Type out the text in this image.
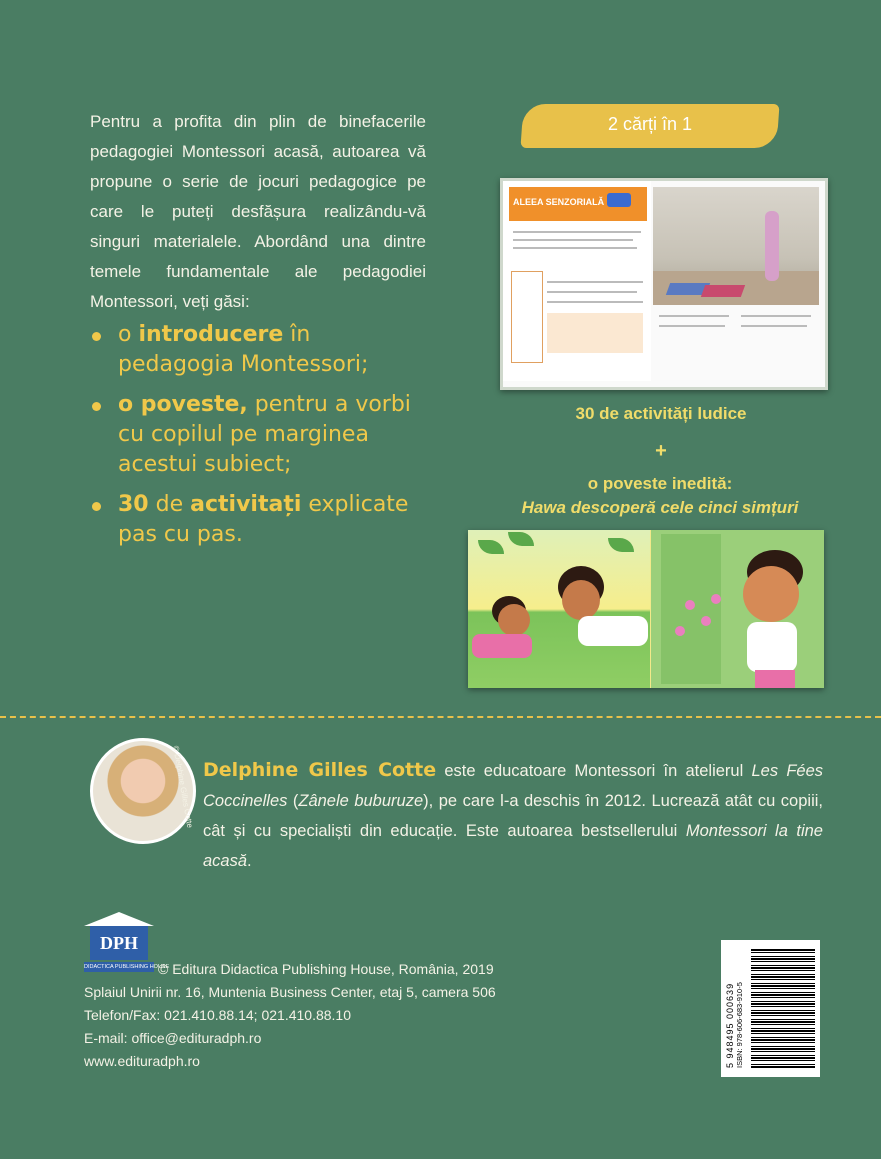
Pentru a profita din plin de binefacerile pedagogiei Montessori acasă, autoarea vă propune o serie de jocuri pedagogice pe care le puteți desfășura realizându-vă singuri materialele. Abordând una dintre temele fundamentale ale pedagodiei Montessori, veți găsi:
o introducere în pedagogia Montessori;
o poveste, pentru a vorbi cu copilul pe marginea acestui subiect;
30 de activitați explicate pas cu pas.
2 cărți în 1
ALEEA SENZORIALĂ
30 de activități ludice
+
o poveste inedită:
Hawa descoperă cele cinci simțuri
© Delphine Gilles Cotte Delphine Gilles Cotte este educatoare Montessori în atelierul Les Fées Coccinelles (Zânele buburuze), pe care l-a deschis în 2012. Lucrează atât cu copiii, cât și cu specialiști din educație. Este autoarea bestsellerului Montessori la tine acasă.
DPH
DIDACTICA PUBLISHING HOUSE
© Editura Didactica Publishing House, România, 2019
Splaiul Unirii nr. 16, Muntenia Business Center, etaj 5, camera 506
Telefon/Fax: 021.410.88.14; 021.410.88.10
E-mail: office@edituradph.ro
www.edituradph.ro	5 948495 000639 ISBN: 978-606-683-910-5
